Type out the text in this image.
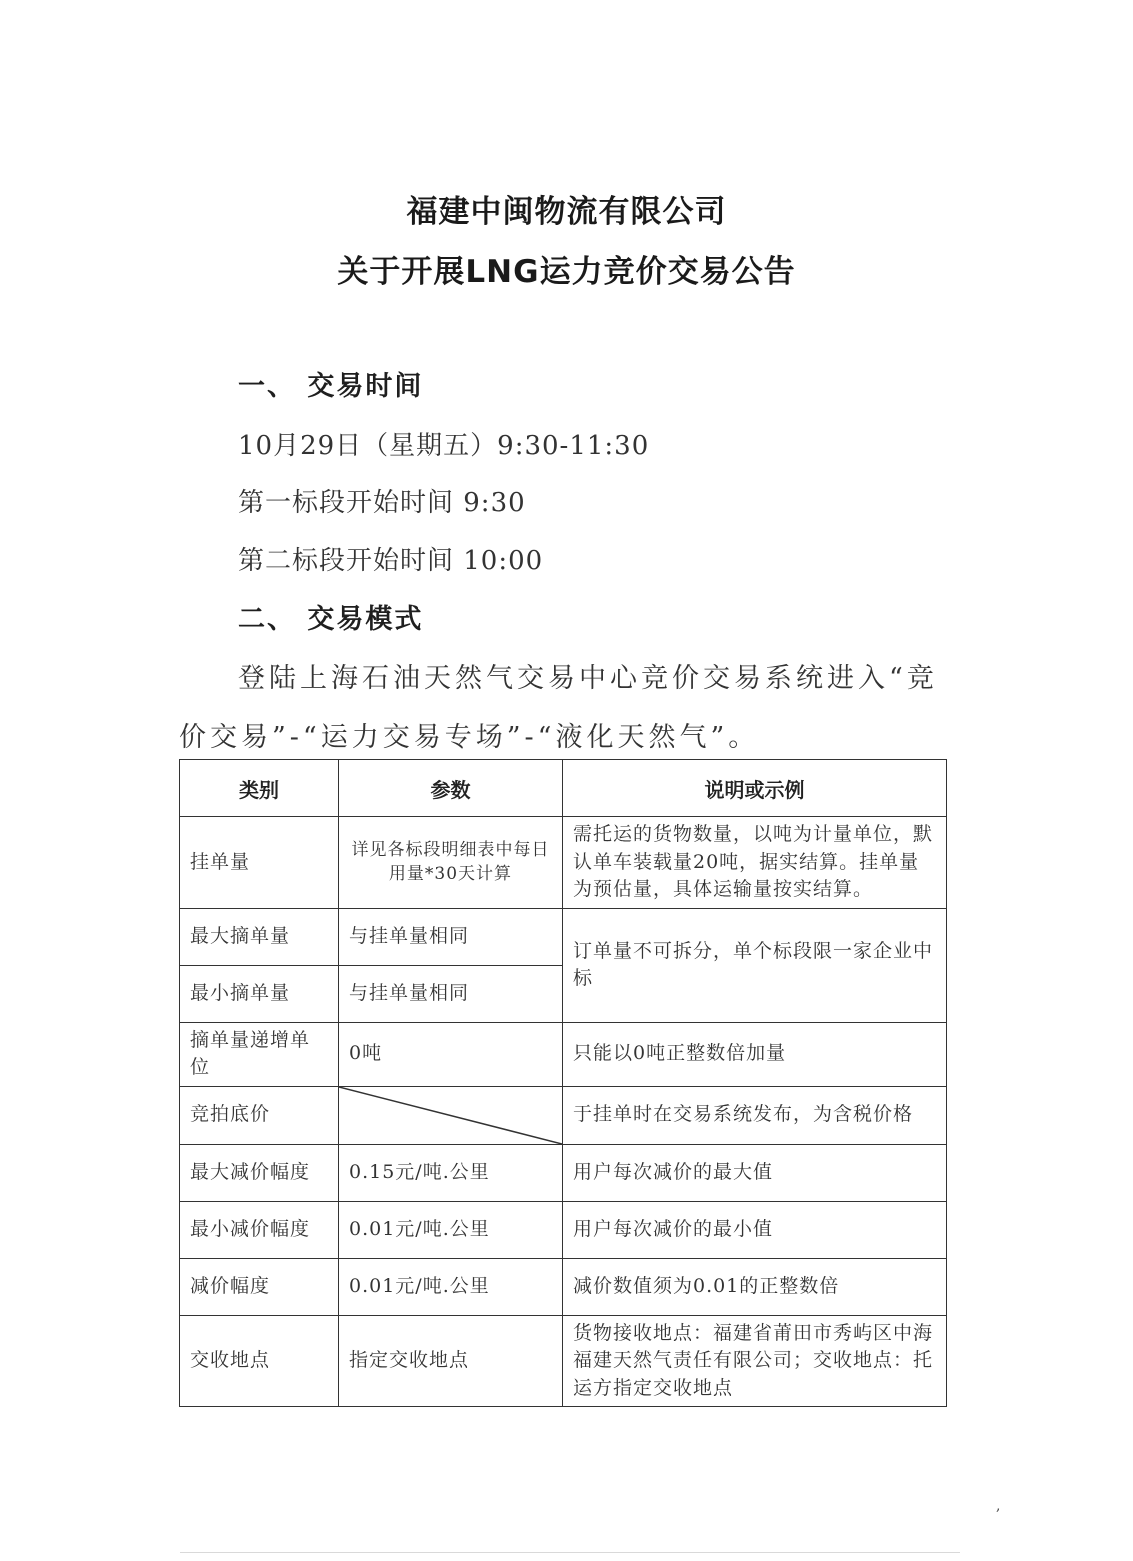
福建中闽物流有限公司
关于开展LNG运力竞价交易公告
一、 交易时间
10月29日（星期五）9:30-11:30
第一标段开始时间 9:30
第二标段开始时间 10:00
二、 交易模式
登陆上海石油天然气交易中心竞价交易系统进入“竞
价交易”-“运力交易专场”-“液化天然气”。
类别	参数	说明或示例
挂单量	详见各标段明细表中每日用量*30天计算	需托运的货物数量，以吨为计量单位，默认单车装载量20吨，据实结算。挂单量为预估量，具体运输量按实结算。
最大摘单量	与挂单量相同	订单量不可拆分，单个标段限一家企业中标
最小摘单量	与挂单量相同	
摘单量递增单位	0吨	只能以0吨正整数倍加量
竞拍底价		于挂单时在交易系统发布，为含税价格
最大减价幅度	0.15元/吨.公里	用户每次减价的最大值
最小减价幅度	0.01元/吨.公里	用户每次减价的最小值
减价幅度	0.01元/吨.公里	减价数值须为0.01的正整数倍
交收地点	指定交收地点	货物接收地点：福建省莆田市秀屿区中海福建天然气责任有限公司；交收地点：托运方指定交收地点
,
